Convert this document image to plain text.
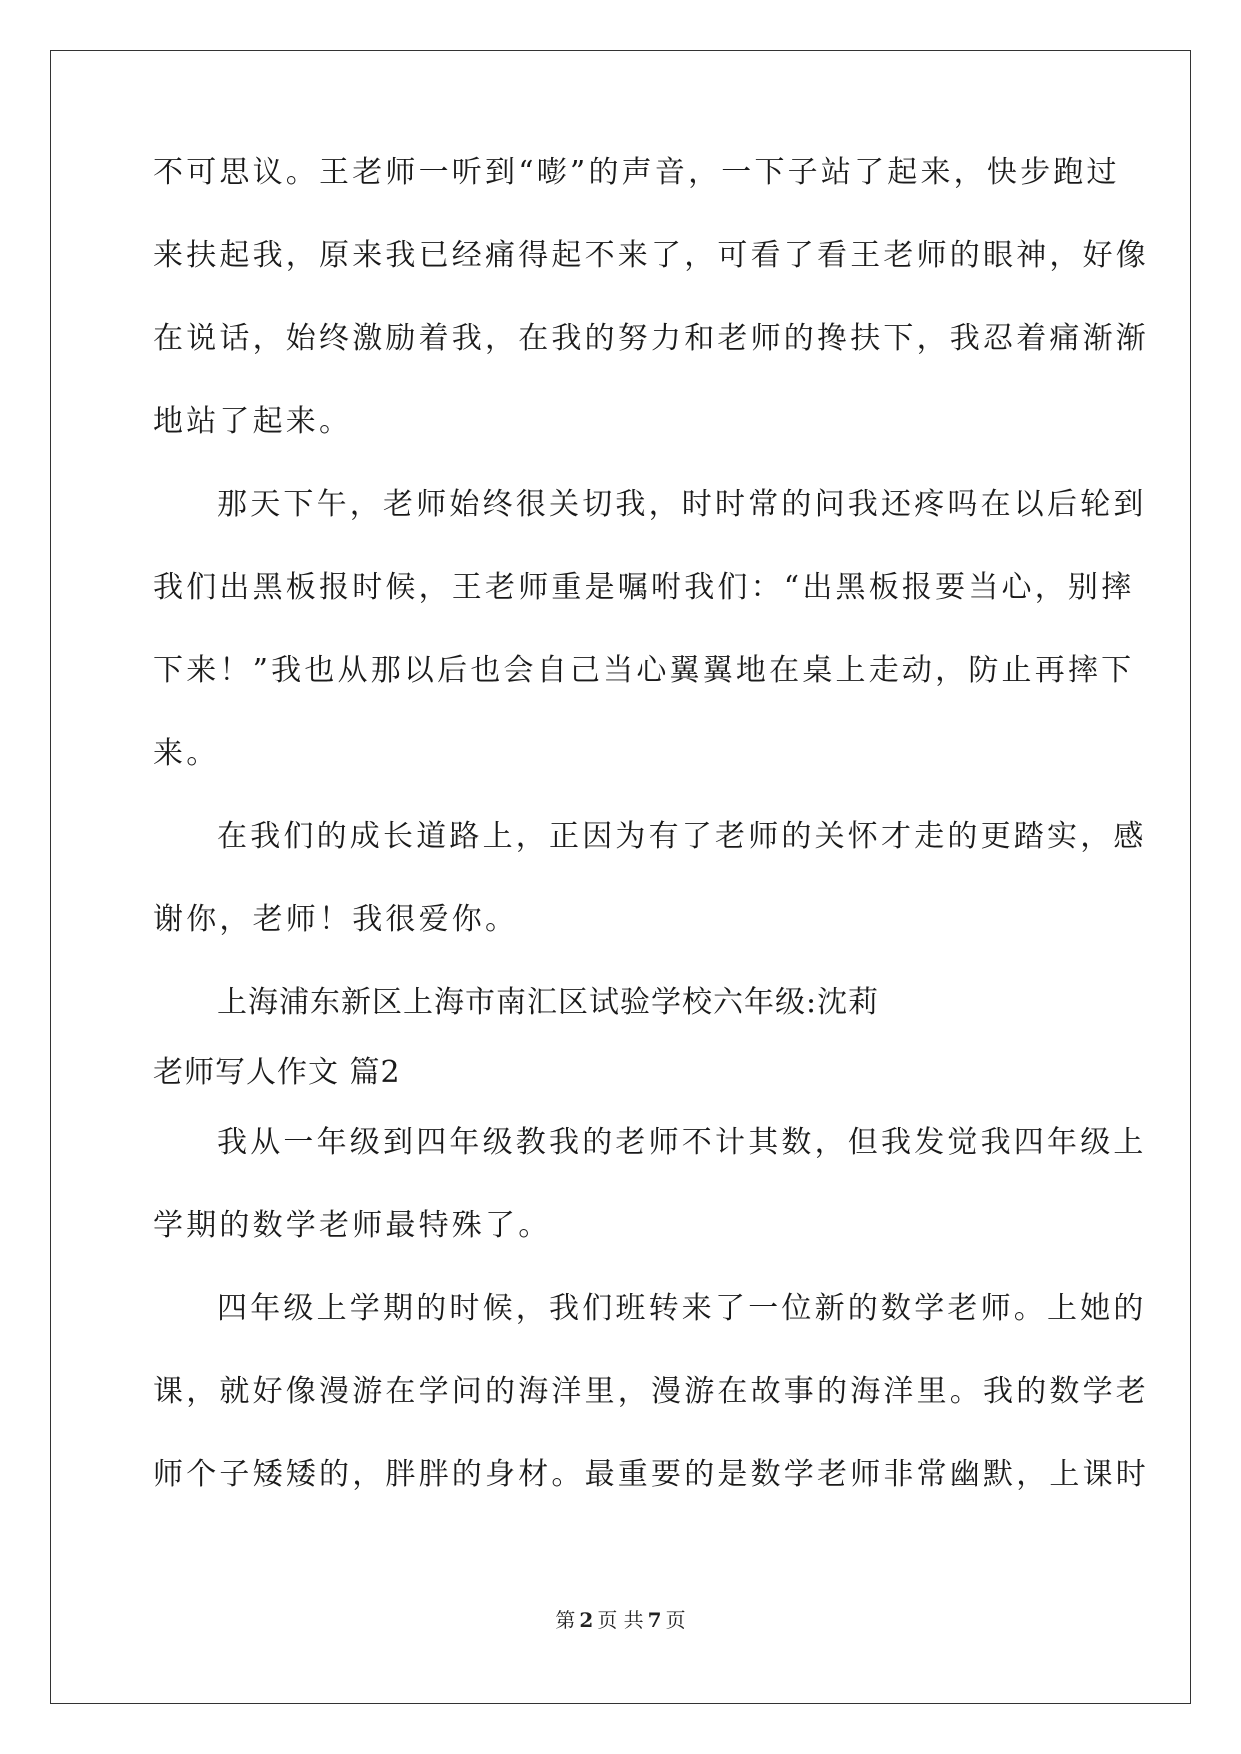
不可思议。王老师一听到“嘭”的声音，一下子站了起来，快步跑过
来扶起我，原来我已经痛得起不来了，可看了看王老师的眼神，好像
在说话，始终激励着我，在我的努力和老师的搀扶下，我忍着痛渐渐
地站了起来。
那天下午，老师始终很关切我，时时常的问我还疼吗在以后轮到
我们出黑板报时候，王老师重是嘱咐我们：“出黑板报要当心，别摔
下来！”我也从那以后也会自己当心翼翼地在桌上走动，防止再摔下
来。
在我们的成长道路上，正因为有了老师的关怀才走的更踏实，感
谢你，老师！我很爱你。
上海浦东新区上海市南汇区试验学校六年级:沈莉
老师写人作文 篇2
我从一年级到四年级教我的老师不计其数，但我发觉我四年级上
学期的数学老师最特殊了。
四年级上学期的时候，我们班转来了一位新的数学老师。上她的
课，就好像漫游在学问的海洋里，漫游在故事的海洋里。我的数学老
师个子矮矮的，胖胖的身材。最重要的是数学老师非常幽默，上课时
第 2 页 共 7 页
